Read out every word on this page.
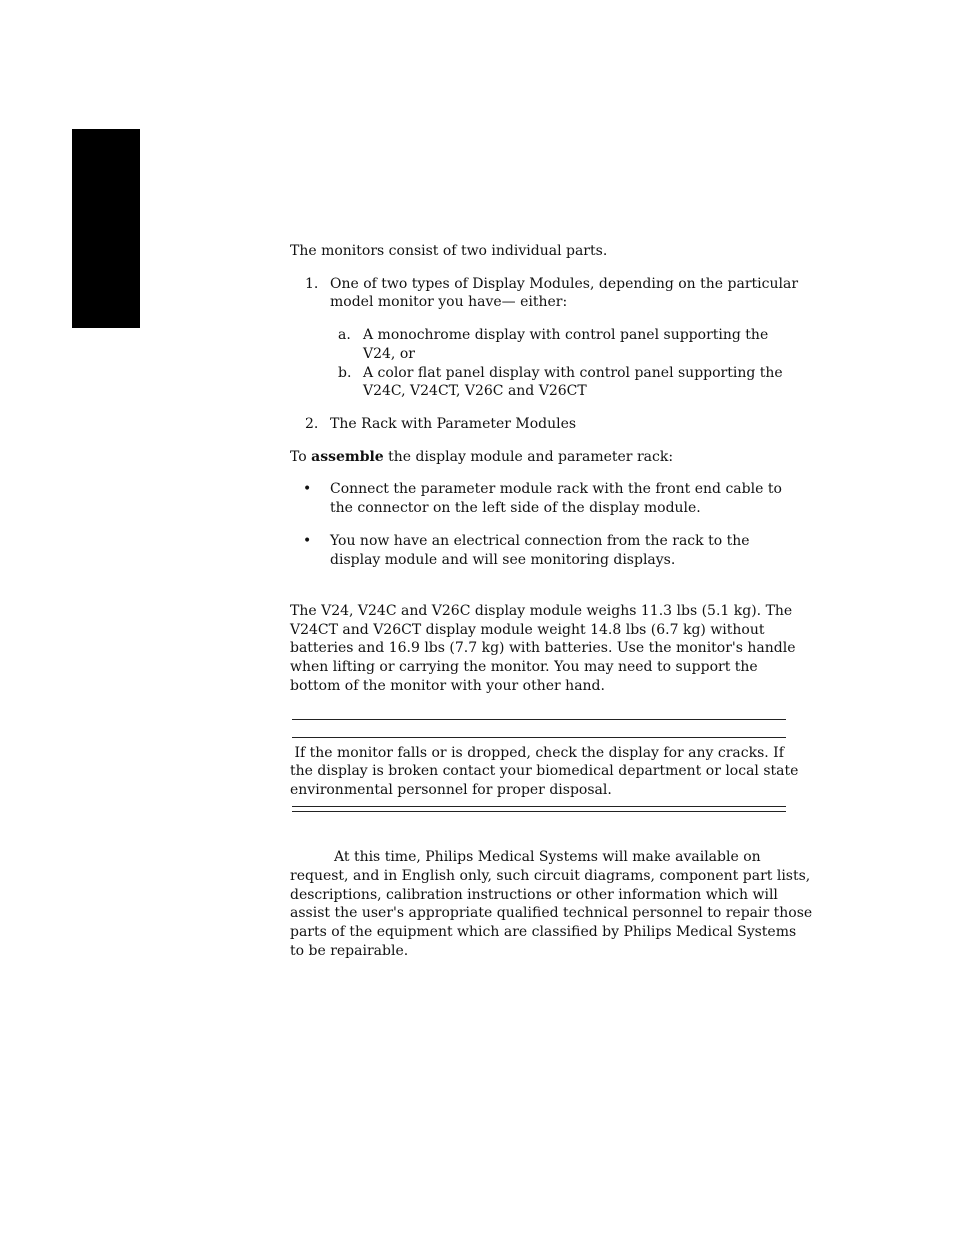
The monitors consist of two individual parts.

1. One of two types of Display Modules, depending on the particular

model monitor you have— either:

a. A monochrome display with control panel supporting the

V24, or

b. A color flat panel display with control panel supporting the

V24C, V24CT, V26C and V26CT

2. The Rack with Parameter Modules

To assemble the display module and parameter rack:

• Connect the parameter module rack with the front end cable to

the connector on the left side of the display module.

• You now have an electrical connection from the rack to the

display module and will see monitoring displays.

The V24, V24C and V26C display module weighs 11.3 lbs (5.1 kg). The

V24CT and V26CT display module weight 14.8 lbs (6.7 kg) without

batteries and 16.9 lbs (7.7 kg) with batteries. Use the monitor's handle

when lifting or carrying the monitor. You may need to support the

bottom of the monitor with your other hand.

If the monitor falls or is dropped, check the display for any cracks. If

the display is broken contact your biomedical department or local state

environmental personnel for proper disposal.

At this time, Philips Medical Systems will make available on

request, and in English only, such circuit diagrams, component part lists,

descriptions, calibration instructions or other information which will

assist the user's appropriate qualified technical personnel to repair those

parts of the equipment which are classified by Philips Medical Systems

to be repairable.
